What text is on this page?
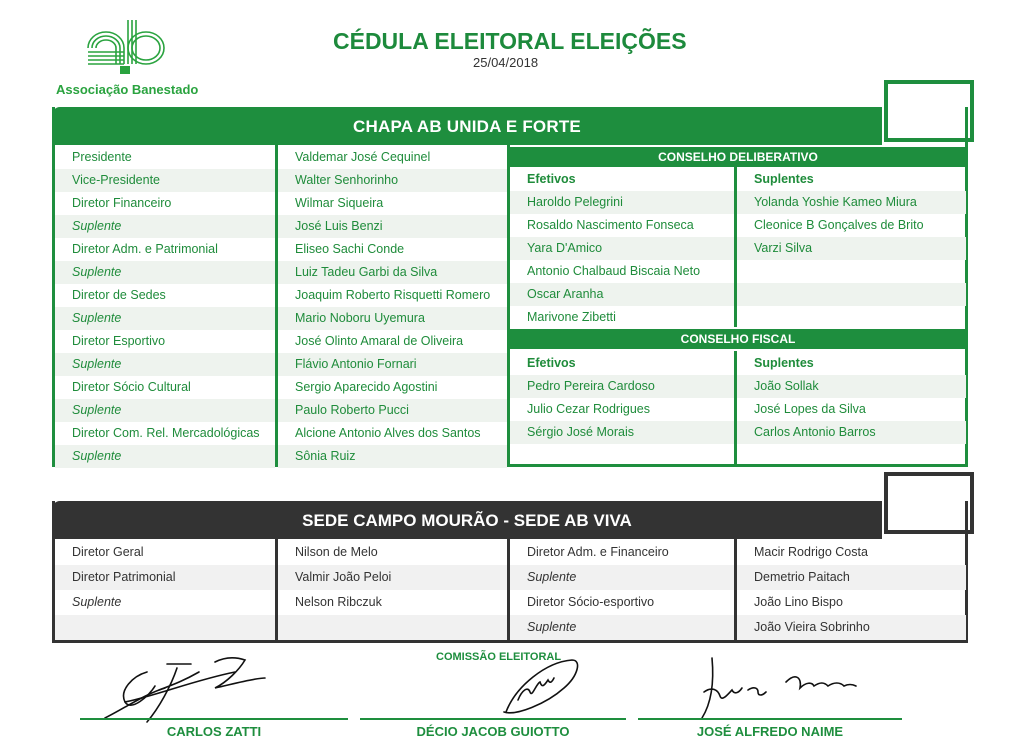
Associação Banestado
CÉDULA ELEITORAL ELEIÇÕES
25/04/2018
CHAPA AB UNIDA E FORTE
Presidente
Vice-Presidente
Diretor Financeiro
Suplente
Diretor Adm. e Patrimonial
Suplente
Diretor de Sedes
Suplente
Diretor Esportivo
Suplente
Diretor Sócio Cultural
Suplente
Diretor Com. Rel. Mercadológicas
Suplente
Valdemar José Cequinel
Walter Senhorinho
Wilmar Siqueira
José Luis Benzi
Eliseo Sachi Conde
Luiz Tadeu Garbi da Silva
Joaquim Roberto Risquetti Romero
Mario Noboru Uyemura
José Olinto Amaral de Oliveira
Flávio Antonio Fornari
Sergio Aparecido Agostini
Paulo Roberto Pucci
Alcione Antonio Alves dos Santos
Sônia Ruiz
CONSELHO DELIBERATIVO
Efetivos
Haroldo Pelegrini
Rosaldo Nascimento Fonseca
Yara D'Amico
Antonio Chalbaud Biscaia Neto
Oscar Aranha
Marivone Zibetti
Suplentes
Yolanda Yoshie Kameo Miura
Cleonice B Gonçalves de Brito
Varzi Silva
CONSELHO FISCAL
Efetivos
Pedro Pereira Cardoso
Julio Cezar Rodrigues
Sérgio José Morais
Suplentes
João Sollak
José Lopes da Silva
Carlos Antonio Barros
SEDE CAMPO MOURÃO - SEDE AB VIVA
Diretor Geral
Diretor Patrimonial
Suplente
Nilson de Melo
Valmir João Peloi
Nelson Ribczuk
Diretor Adm. e Financeiro
Suplente
Diretor Sócio-esportivo
Suplente
Macir Rodrigo Costa
Demetrio Paitach
João Lino Bispo
João Vieira Sobrinho
COMISSÃO ELEITORAL
CARLOS ZATTI	DÉCIO JACOB GUIOTTO	JOSÉ ALFREDO NAIME
